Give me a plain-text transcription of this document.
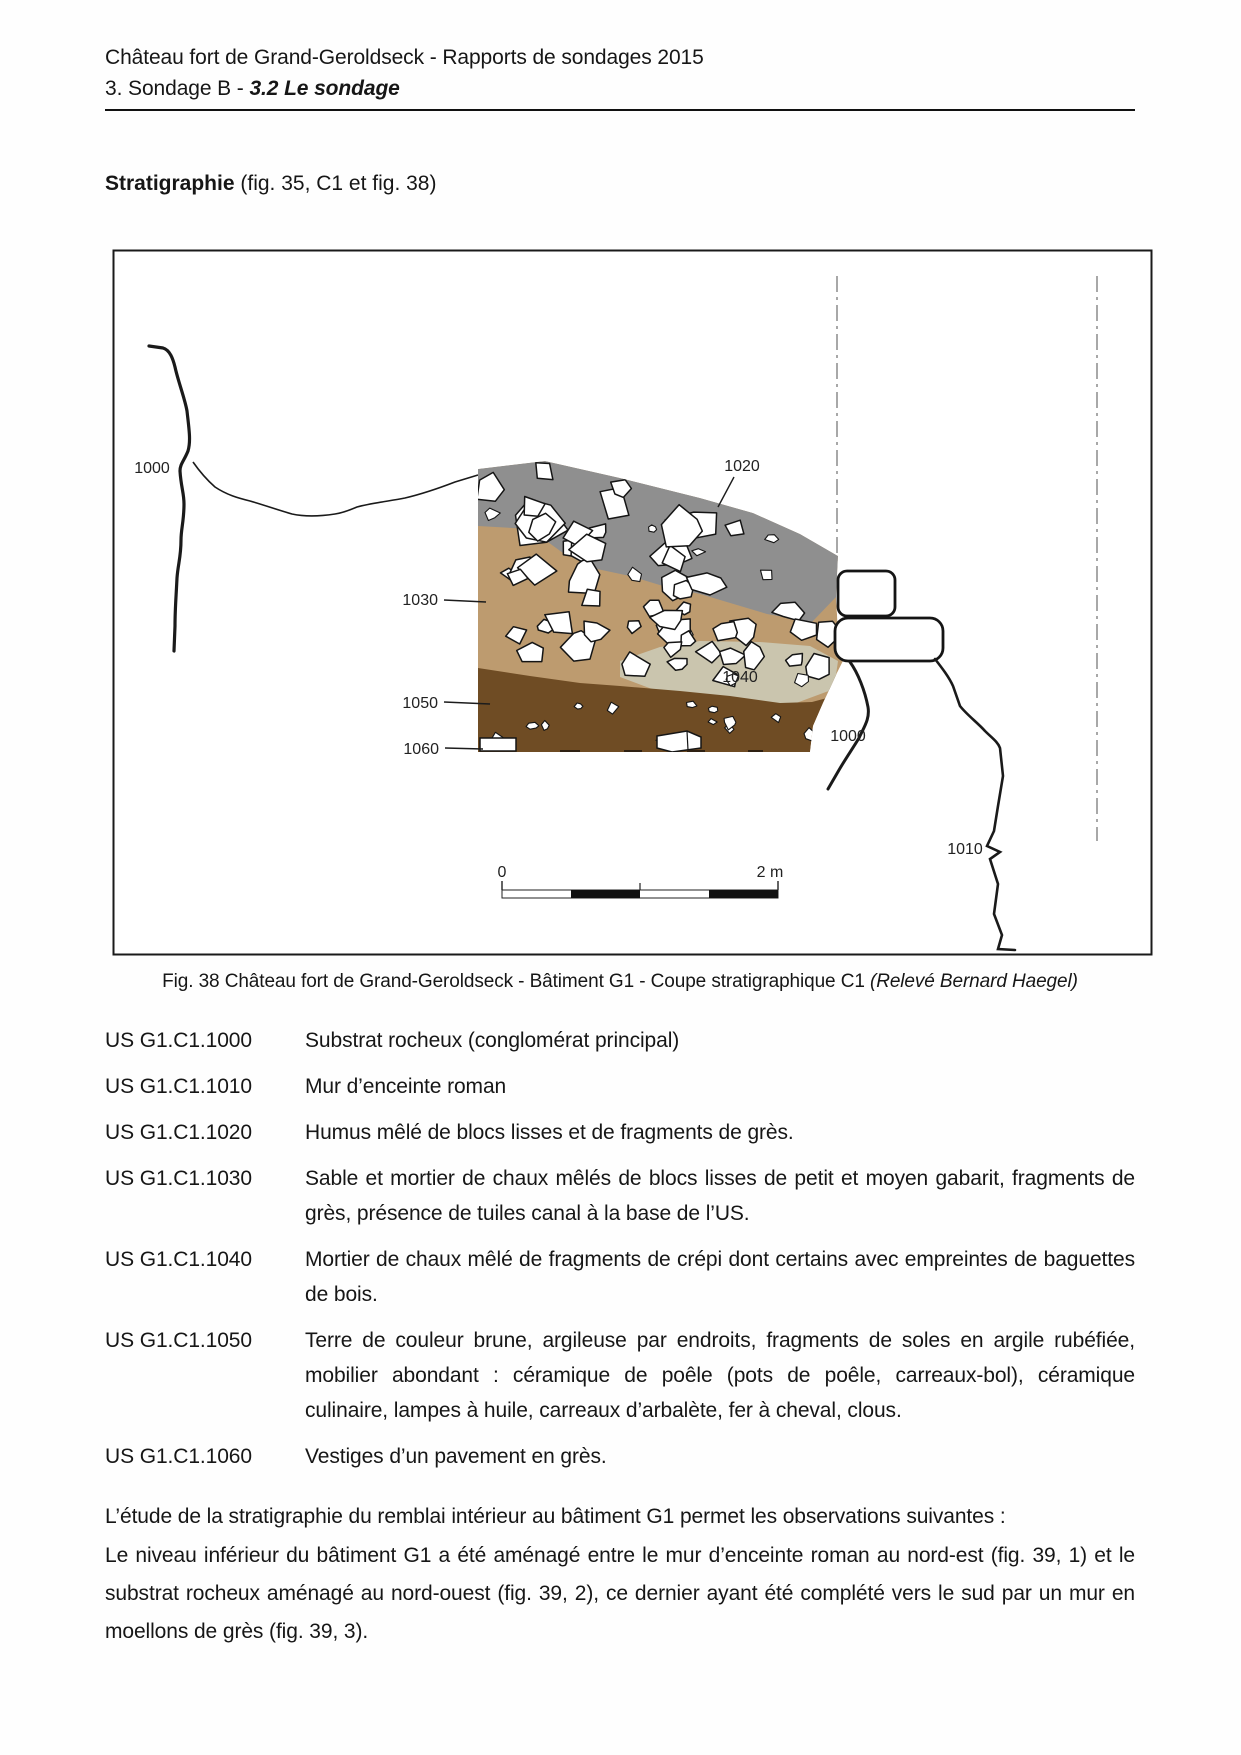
Château fort de Grand-Geroldseck - Rapports de sondages 2015
3. Sondage B - 3.2 Le sondage
Stratigraphie (fig. 35, C1 et fig. 38)
1000	1020
1030
1040
1050
1060
1000
1010
0	2 m
Fig. 38 Château fort de Grand-Geroldseck - Bâtiment G1 - Coupe stratigraphique C1 (Relevé Bernard Haegel)
US G1.C1.1000	Substrat rocheux (conglomérat principal)
US G1.C1.1010	Mur d’enceinte roman
US G1.C1.1020	Humus mêlé de blocs lisses et de fragments de grès.
US G1.C1.1030	Sable et mortier de chaux mêlés de blocs lisses de petit et moyen gabarit, fragments de grès, présence de tuiles canal à la base de l’US.
US G1.C1.1040	Mortier de chaux mêlé de fragments de crépi dont certains avec empreintes de baguettes de bois.
US G1.C1.1050	Terre de couleur brune, argileuse par endroits, fragments de soles en argile rubéfiée, mobilier abondant : céramique de poêle (pots de poêle, carreaux-bol), céramique culinaire, lampes à huile, carreaux d’arbalète, fer à cheval, clous.
US G1.C1.1060	Vestiges d’un pavement en grès.

L’étude de la stratigraphie du remblai intérieur au bâtiment G1 permet les observations suivantes :

Le niveau inférieur du bâtiment G1 a été aménagé entre le mur d’enceinte roman au nord-est (fig. 39, 1) et le substrat rocheux aménagé au nord-ouest (fig. 39, 2), ce dernier ayant été complété vers le sud par un mur en moellons de grès (fig. 39, 3).
